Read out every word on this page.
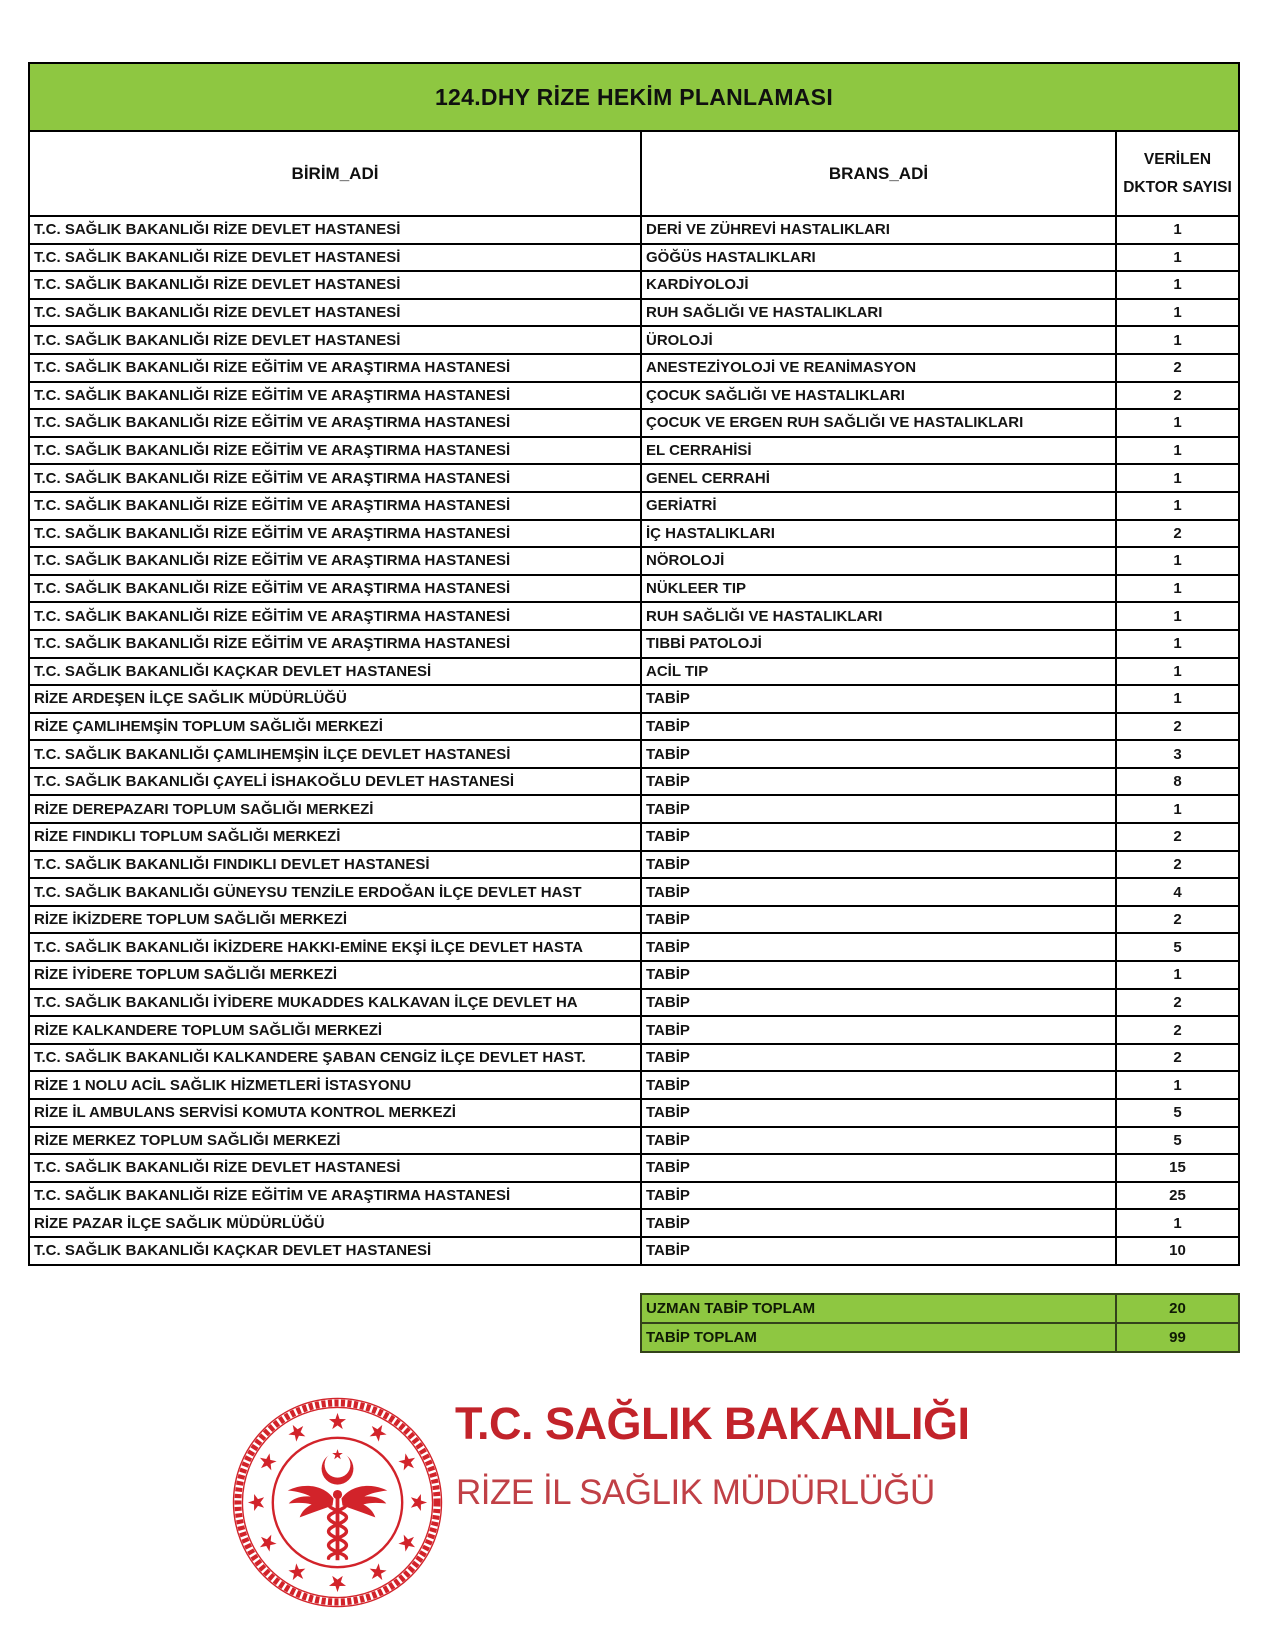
124.DHY RİZE HEKİM PLANLAMASI		
BİRİM_ADİ	BRANS_ADİ	VERİLEN DKTOR SAYISI
T.C. SAĞLIK BAKANLIĞI RİZE DEVLET HASTANESİ	DERİ VE ZÜHREVİ HASTALIKLARI	1
T.C. SAĞLIK BAKANLIĞI RİZE DEVLET HASTANESİ	GÖĞÜS HASTALIKLARI	1
T.C. SAĞLIK BAKANLIĞI RİZE DEVLET HASTANESİ	KARDİYOLOJİ	1
T.C. SAĞLIK BAKANLIĞI RİZE DEVLET HASTANESİ	RUH SAĞLIĞI VE HASTALIKLARI	1
T.C. SAĞLIK BAKANLIĞI RİZE DEVLET HASTANESİ	ÜROLOJİ	1
T.C. SAĞLIK BAKANLIĞI RİZE EĞİTİM VE ARAŞTIRMA HASTANESİ	ANESTEZİYOLOJİ VE REANİMASYON	2
T.C. SAĞLIK BAKANLIĞI RİZE EĞİTİM VE ARAŞTIRMA HASTANESİ	ÇOCUK SAĞLIĞI VE HASTALIKLARI	2
T.C. SAĞLIK BAKANLIĞI RİZE EĞİTİM VE ARAŞTIRMA HASTANESİ	ÇOCUK VE ERGEN RUH SAĞLIĞI VE HASTALIKLARI	1
T.C. SAĞLIK BAKANLIĞI RİZE EĞİTİM VE ARAŞTIRMA HASTANESİ	EL CERRAHİSİ	1
T.C. SAĞLIK BAKANLIĞI RİZE EĞİTİM VE ARAŞTIRMA HASTANESİ	GENEL CERRAHİ	1
T.C. SAĞLIK BAKANLIĞI RİZE EĞİTİM VE ARAŞTIRMA HASTANESİ	GERİATRİ	1
T.C. SAĞLIK BAKANLIĞI RİZE EĞİTİM VE ARAŞTIRMA HASTANESİ	İÇ HASTALIKLARI	2
T.C. SAĞLIK BAKANLIĞI RİZE EĞİTİM VE ARAŞTIRMA HASTANESİ	NÖROLOJİ	1
T.C. SAĞLIK BAKANLIĞI RİZE EĞİTİM VE ARAŞTIRMA HASTANESİ	NÜKLEER TIP	1
T.C. SAĞLIK BAKANLIĞI RİZE EĞİTİM VE ARAŞTIRMA HASTANESİ	RUH SAĞLIĞI VE HASTALIKLARI	1
T.C. SAĞLIK BAKANLIĞI RİZE EĞİTİM VE ARAŞTIRMA HASTANESİ	TIBBİ PATOLOJİ	1
T.C. SAĞLIK BAKANLIĞI KAÇKAR DEVLET HASTANESİ	ACİL TIP	1
RİZE ARDEŞEN İLÇE SAĞLIK MÜDÜRLÜĞÜ	TABİP	1
RİZE ÇAMLIHEMŞİN TOPLUM SAĞLIĞI MERKEZİ	TABİP	2
T.C. SAĞLIK BAKANLIĞI ÇAMLIHEMŞİN İLÇE DEVLET HASTANESİ	TABİP	3
T.C. SAĞLIK BAKANLIĞI ÇAYELİ İSHAKOĞLU DEVLET HASTANESİ	TABİP	8
RİZE DEREPAZARI TOPLUM SAĞLIĞI MERKEZİ	TABİP	1
RİZE FINDIKLI TOPLUM SAĞLIĞI MERKEZİ	TABİP	2
T.C. SAĞLIK BAKANLIĞI FINDIKLI DEVLET HASTANESİ	TABİP	2
T.C. SAĞLIK BAKANLIĞI GÜNEYSU TENZİLE ERDOĞAN İLÇE DEVLET HAST	TABİP	4
RİZE İKİZDERE TOPLUM SAĞLIĞI MERKEZİ	TABİP	2
T.C. SAĞLIK BAKANLIĞI İKİZDERE HAKKI-EMİNE EKŞİ İLÇE DEVLET HASTA	TABİP	5
RİZE İYİDERE TOPLUM SAĞLIĞI MERKEZİ	TABİP	1
T.C. SAĞLIK BAKANLIĞI İYİDERE MUKADDES KALKAVAN İLÇE DEVLET HA	TABİP	2
RİZE KALKANDERE TOPLUM SAĞLIĞI MERKEZİ	TABİP	2
T.C. SAĞLIK BAKANLIĞI KALKANDERE ŞABAN CENGİZ İLÇE DEVLET HAST.	TABİP	2
RİZE 1 NOLU ACİL SAĞLIK HİZMETLERİ İSTASYONU	TABİP	1
RİZE İL AMBULANS SERVİSİ KOMUTA KONTROL MERKEZİ	TABİP	5
RİZE MERKEZ TOPLUM SAĞLIĞI MERKEZİ	TABİP	5
T.C. SAĞLIK BAKANLIĞI RİZE DEVLET HASTANESİ	TABİP	15
T.C. SAĞLIK BAKANLIĞI RİZE EĞİTİM VE ARAŞTIRMA HASTANESİ	TABİP	25
RİZE PAZAR İLÇE SAĞLIK MÜDÜRLÜĞÜ	TABİP	1
T.C. SAĞLIK BAKANLIĞI KAÇKAR DEVLET HASTANESİ	TABİP	10
UZMAN TABİP TOPLAM	20
TABİP TOPLAM	99
T.C. SAĞLIK BAKANLIĞI
RİZE İL SAĞLIK MÜDÜRLÜĞÜ
